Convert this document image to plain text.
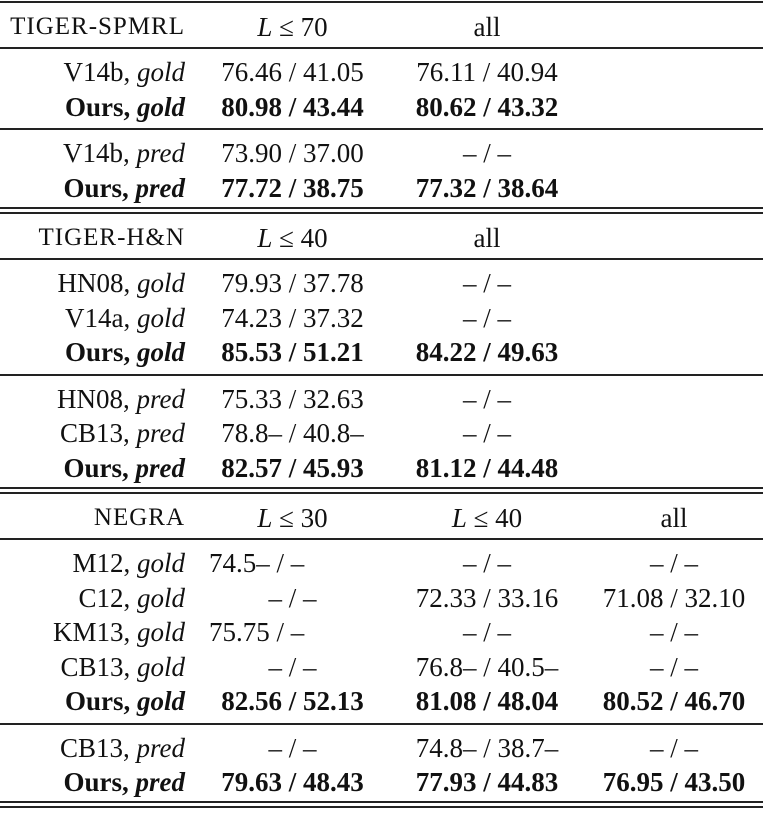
TIGER-SPMRL	L ≤ 70	all
V14b, gold	76.46 / 41.05	76.11 / 40.94
Ours, gold	80.98 / 43.44	80.62 / 43.32
V14b, pred	73.90 / 37.00	– / –
Ours, pred	77.72 / 38.75	77.32 / 38.64
TIGER-H&N	L ≤ 40	all
HN08, gold	79.93 / 37.78	– / –
V14a, gold	74.23 / 37.32	– / –
Ours, gold	85.53 / 51.21	84.22 / 49.63
HN08, pred	75.33 / 32.63	– / –
CB13, pred	78.8– / 40.8–	– / –
Ours, pred	82.57 / 45.93	81.12 / 44.48
NEGRA	L ≤ 30	L ≤ 40	all
M12, gold 74.5– / –	– / –	– / –
C12, gold	– / –	72.33 / 33.16	71.08 / 32.10
KM13, gold 75.75 / –	– / –	– / –
CB13, gold	– / –	76.8– / 40.5–	– / –
Ours, gold	82.56 / 52.13	81.08 / 48.04	80.52 / 46.70
CB13, pred	– / –	74.8– / 38.7–	– / –
Ours, pred	79.63 / 48.43	77.93 / 44.83	76.95 / 43.50
